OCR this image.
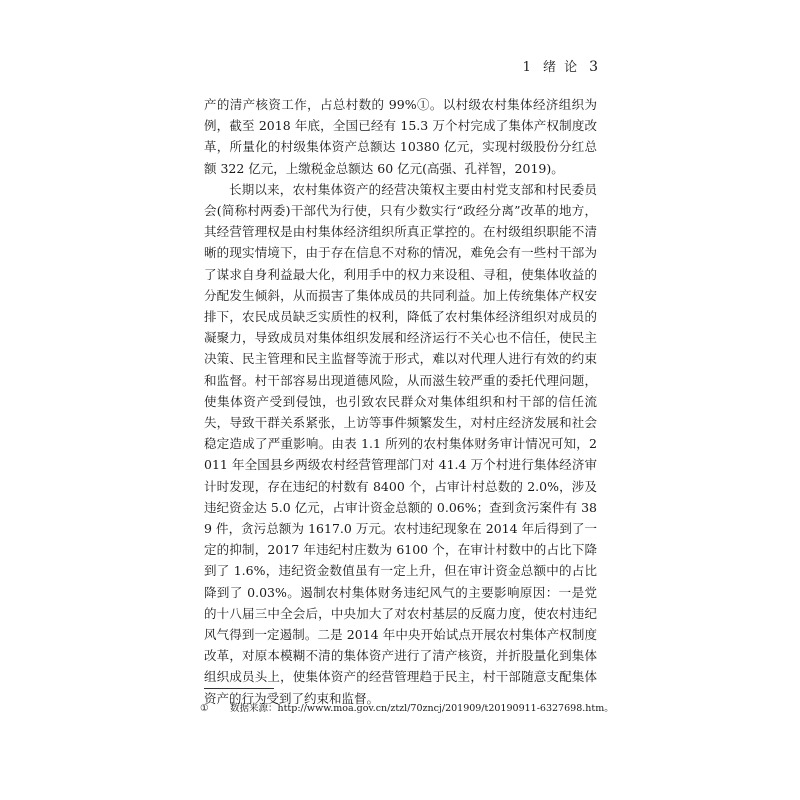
1 绪 论 3

产的清产核资工作，占总村数的 99%①。以村级农村集体经济组织为例，截至 2018 年底，全国已经有 15.3 万个村完成了集体产权制度改革，所量化的村级集体资产总额达 10380 亿元，实现村级股份分红总额 322 亿元，上缴税金总额达 60 亿元(高强、孔祥智，2019)。

长期以来，农村集体资产的经营决策权主要由村党支部和村民委员会(简称村两委)干部代为行使，只有少数实行“政经分离”改革的地方，其经营管理权是由村集体经济组织所真正掌控的。在村级组织职能不清晰的现实情境下，由于存在信息不对称的情况，难免会有一些村干部为了谋求自身利益最大化，利用手中的权力来设租、寻租，使集体收益的分配发生倾斜，从而损害了集体成员的共同利益。加上传统集体产权安排下，农民成员缺乏实质性的权利，降低了农村集体经济组织对成员的凝聚力，导致成员对集体组织发展和经济运行不关心也不信任，使民主决策、民主管理和民主监督等流于形式，难以对代理人进行有效的约束和监督。村干部容易出现道德风险，从而滋生较严重的委托代理问题，使集体资产受到侵蚀，也引致农民群众对集体组织和村干部的信任流失，导致干群关系紧张，上访等事件频繁发生，对村庄经济发展和社会稳定造成了严重影响。由表 1.1 所列的农村集体财务审计情况可知，2011 年全国县乡两级农村经营管理部门对 41.4 万个村进行集体经济审计时发现，存在违纪的村数有 8400 个，占审计村总数的 2.0%，涉及违纪资金达 5.0 亿元，占审计资金总额的 0.06%；查到贪污案件有 389 件，贪污总额为 1617.0 万元。农村违纪现象在 2014 年后得到了一定的抑制，2017 年违纪村庄数为 6100 个，在审计村数中的占比下降到了 1.6%，违纪资金数值虽有一定上升，但在审计资金总额中的占比降到了 0.03%。遏制农村集体财务违纪风气的主要影响原因：一是党的十八届三中全会后，中央加大了对农村基层的反腐力度，使农村违纪风气得到一定遏制。二是 2014 年中央开始试点开展农村集体产权制度改革，对原本模糊不清的集体资产进行了清产核资，并折股量化到集体组织成员头上，使集体资产的经营管理趋于民主，村干部随意支配集体资产的行为受到了约束和监督。

① 数据来源：http://www.moa.gov.cn/ztzl/70zncj/201909/t20190911-6327698.htm。
